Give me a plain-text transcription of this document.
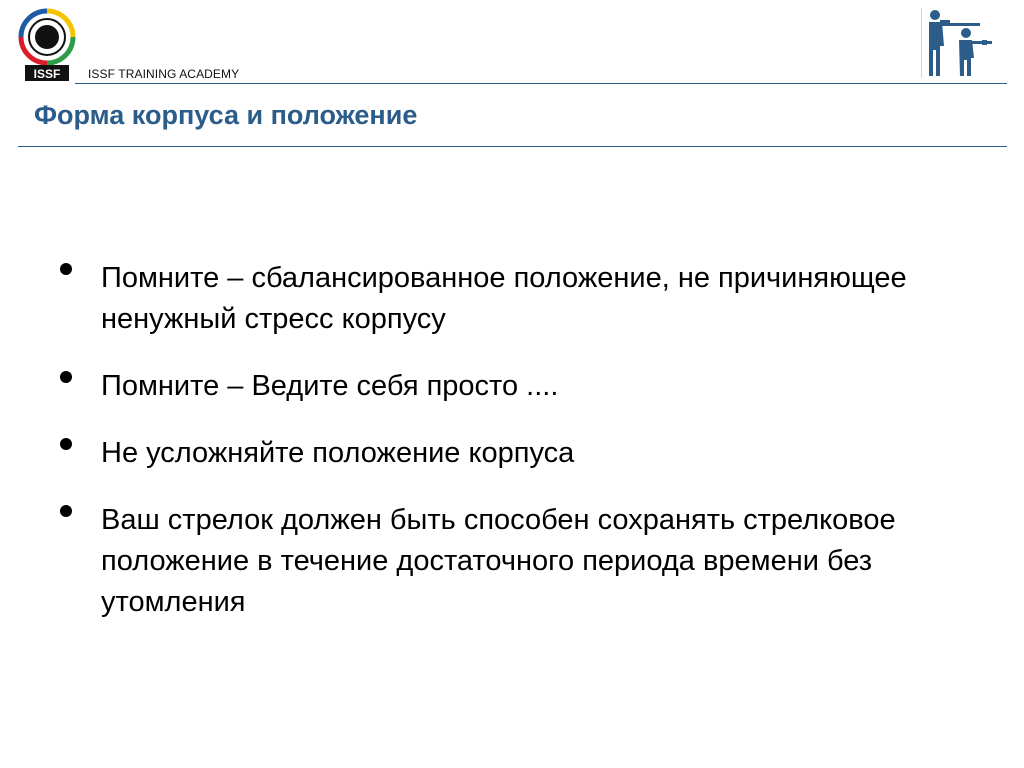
ISSF ISSF TRAINING ACADEMY
Форма корпуса и положение
Помните – сбалансированное положение, не причиняющее ненужный стресс корпусу
Помните – Ведите себя просто ....
Не усложняйте положение корпуса
Ваш стрелок должен быть способен сохранять стрелковое положение в течение достаточного периода времени без утомления
